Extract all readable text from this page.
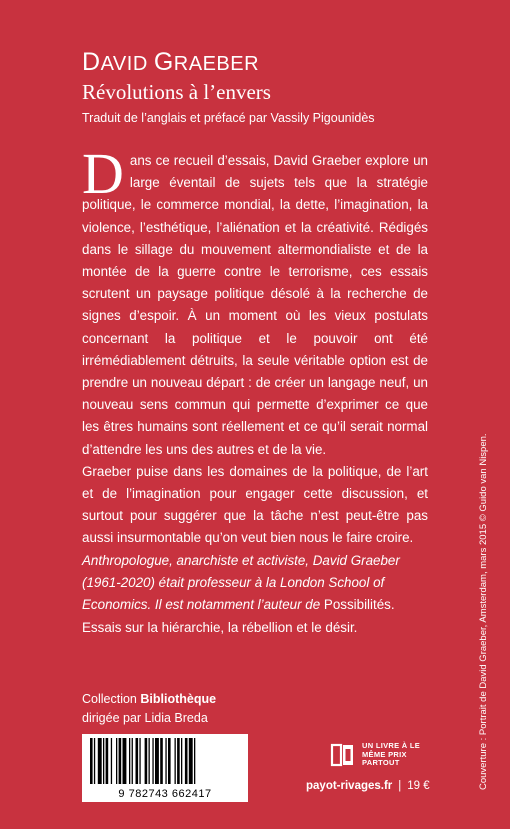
DAVID GRAEBER
Révolutions à l’envers
Traduit de l’anglais et préfacé par Vassily Pigounidès

Dans ce recueil d’essais, David Graeber explore un large éventail de sujets tels que la stratégie politique, le commerce mondial, la dette, l’imagination, la violence, l’esthétique, l’aliénation et la créativité. Rédigés dans le sillage du mouvement altermondialiste et de la montée de la guerre contre le terrorisme, ces essais scrutent un paysage politique désolé à la recherche de signes d’espoir. À un moment où les vieux postulats concernant la politique et le pouvoir ont été irrémédiablement détruits, la seule véritable option est de prendre un nouveau départ : de créer un langage neuf, un nouveau sens commun qui permette d’exprimer ce que les êtres humains sont réellement et ce qu’il serait normal d’attendre les uns des autres et de la vie.

Graeber puise dans les domaines de la politique, de l’art et de l’imagination pour engager cette discussion, et surtout pour suggérer que la tâche n’est peut-être pas aussi insurmontable qu’on veut bien nous le faire croire.

Anthropologue, anarchiste et activiste, David Graeber (1961-2020) était professeur à la London School of Economics. Il est notamment l’auteur de Possibilités. Essais sur la hiérarchie, la rébellion et le désir.

Collection Bibliothèque
dirigée par Lidia Breda
9 782743 662417
UN LIVRE À LE MÊME PRIX PARTOUT
payot-rivages.fr | 19 €	Couverture : Portrait de David Graeber, Amsterdam, mars 2015 © Guido van Nispen.
